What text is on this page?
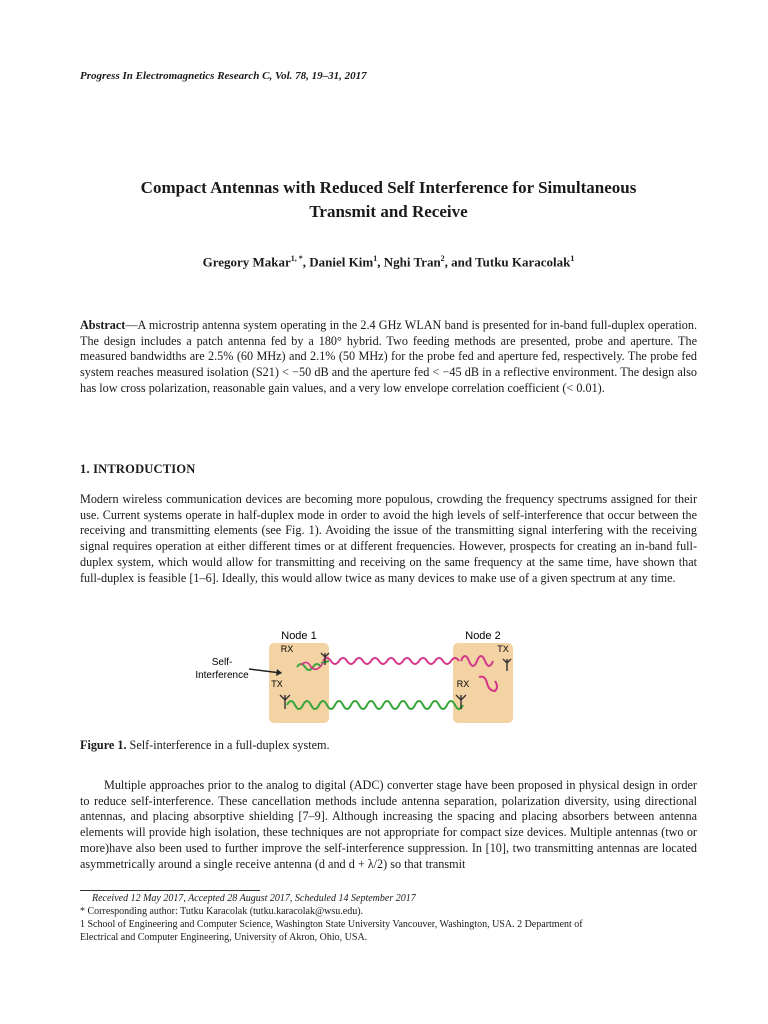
Progress In Electromagnetics Research C, Vol. 78, 19–31, 2017
Compact Antennas with Reduced Self Interference for Simultaneous
Transmit and Receive
Gregory Makar$^{1, *}$, Daniel Kim$^1$, Nghi Tran$^2$, and Tutku Karacolak$^1$
Abstract—A microstrip antenna system operating in the 2.4 GHz WLAN band is presented for in-band full-duplex operation. The design includes a patch antenna fed by a 180° hybrid. Two feeding methods are presented, probe and aperture. The measured bandwidths are 2.5% (60 MHz) and 2.1% (50 MHz) for the probe fed and aperture fed, respectively. The probe fed system reaches measured isolation (S21) < −50 dB and the aperture fed < −45 dB in a reflective environment. The design also has low cross polarization, reasonable gain values, and a very low envelope correlation coefficient (< 0.01).
1. INTRODUCTION
Modern wireless communication devices are becoming more populous, crowding the frequency spectrums assigned for their use. Current systems operate in half-duplex mode in order to avoid the high levels of self-interference that occur between the receiving and transmitting elements (see Fig. 1). Avoiding the issue of the transmitting signal interfering with the receiving signal requires operation at either different times or at different frequencies. However, prospects for creating an in-band full-duplex system, which would allow for transmitting and receiving on the same frequency at the same time, have shown that full-duplex is feasible [1–6]. Ideally, this would allow twice as many devices to make use of a given spectrum at any time.
Node 1	Node 2
RX
TX
TX
RX
Self-
Interference
Figure 1. Self-interference in a full-duplex system.
Multiple approaches prior to the analog to digital (ADC) converter stage have been proposed in physical design in order to reduce self-interference. These cancellation methods include antenna separation, polarization diversity, using directional antennas, and placing absorptive shielding [7–9]. Although increasing the spacing and placing absorbers between antenna elements will provide high isolation, these techniques are not appropriate for compact size devices. Multiple antennas (two or more)have also been used to further improve the self-interference suppression. In [10], two transmitting antennas are located asymmetrically around a single receive antenna (d and d + λ/2) so that transmit
Received 12 May 2017, Accepted 28 August 2017, Scheduled 14 September 2017
* Corresponding author: Tutku Karacolak (tutku.karacolak@wsu.edu).
1 School of Engineering and Computer Science, Washington State University Vancouver, Washington, USA. 2 Department of
Electrical and Computer Engineering, University of Akron, Ohio, USA.
